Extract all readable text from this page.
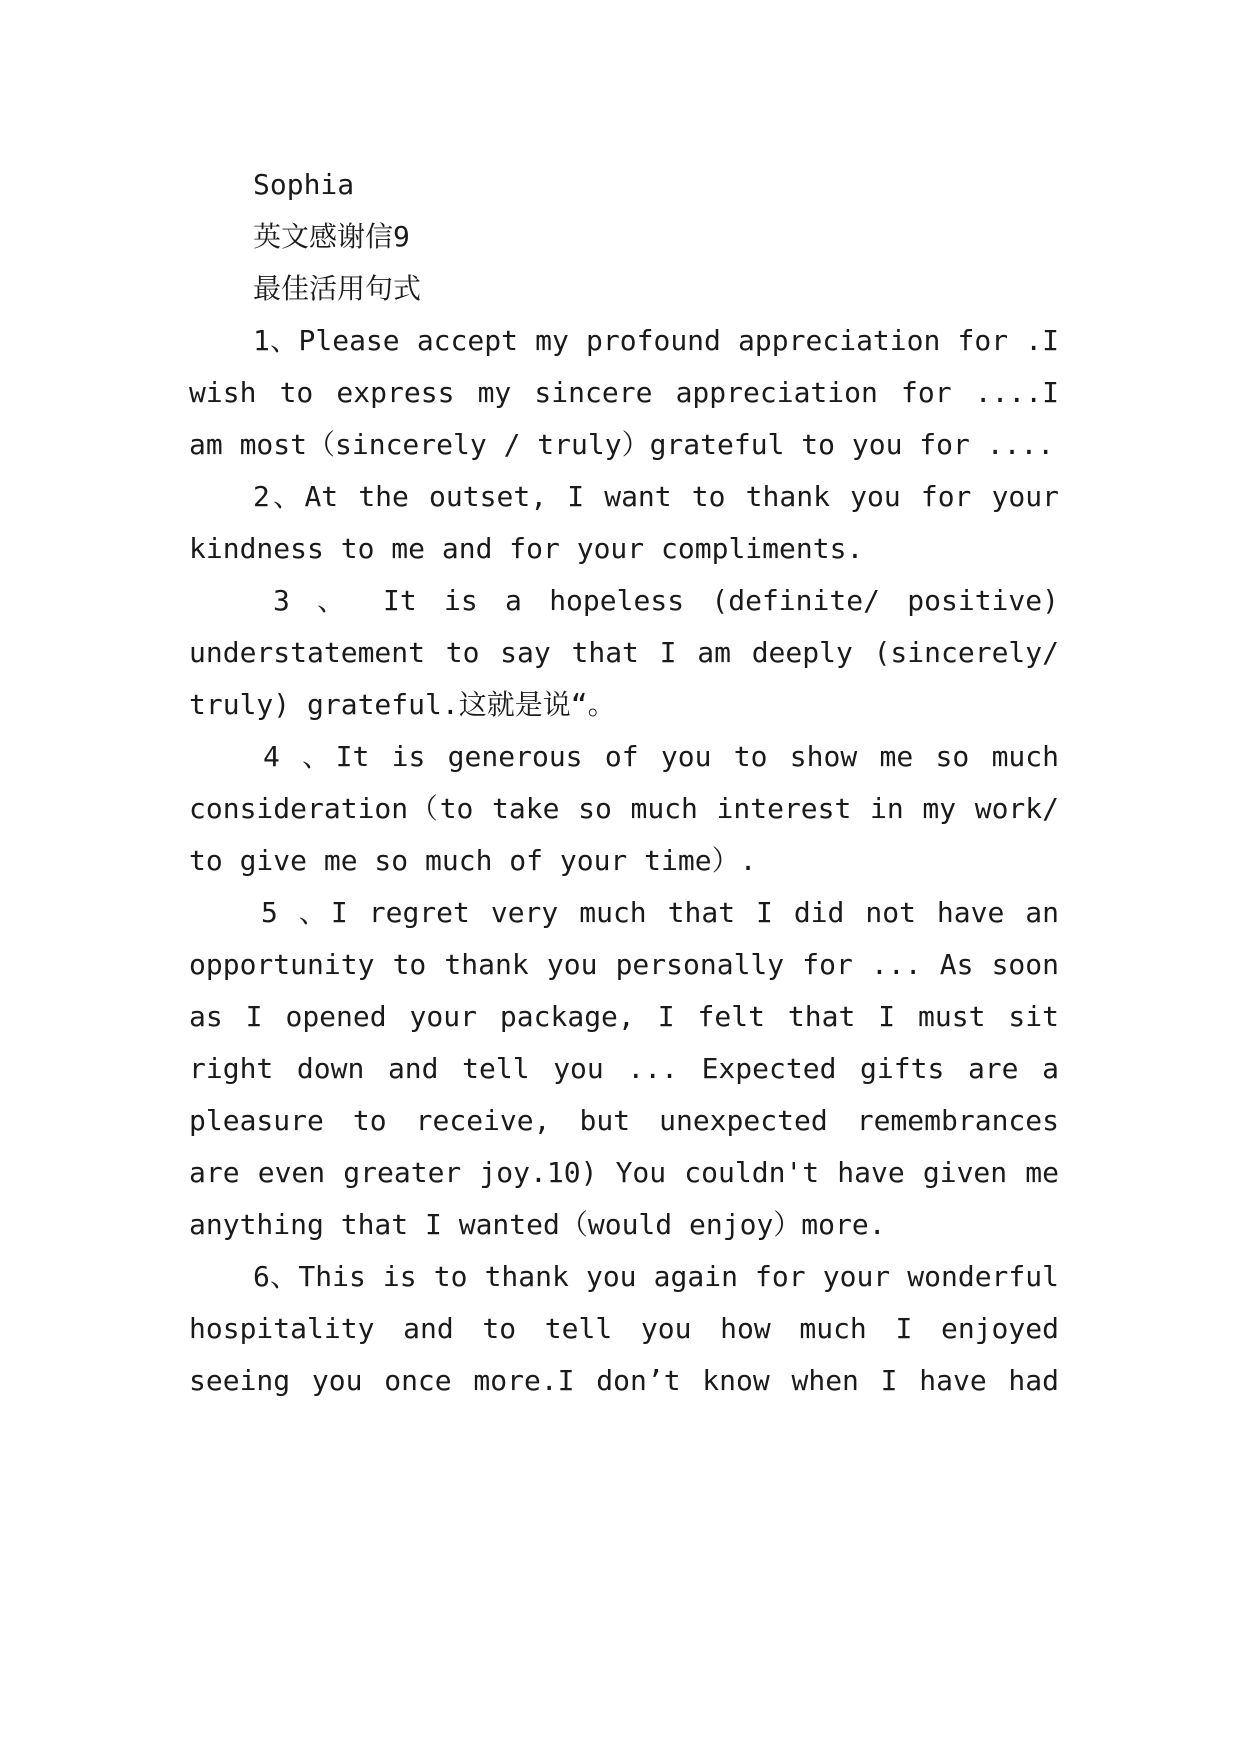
Sophia
英文感谢信9
最佳活用句式
1、Please accept my profound appreciation for .I
wish to express my sincere appreciation for ....I
am most（sincerely / truly）grateful to you for ....
2、At the outset, I want to thank you for your
kindness to me and for your compliments.
3 、 It is a hopeless (definite/ positive)
understatement to say that I am deeply (sincerely/
truly) grateful.这就是说“。
4 、It is generous of you to show me so much
consideration（to take so much interest in my work/
to give me so much of your time）.
5 、I regret very much that I did not have an
opportunity to thank you personally for ... As soon
as I opened your package, I felt that I must sit
right down and tell you ... Expected gifts are a
pleasure to receive, but unexpected remembrances
are even greater joy.10) You couldn't have given me
anything that I wanted（would enjoy）more.
6、This is to thank you again for your wonderful
hospitality and to tell you how much I enjoyed
seeing you once more.I don’t know when I have had
